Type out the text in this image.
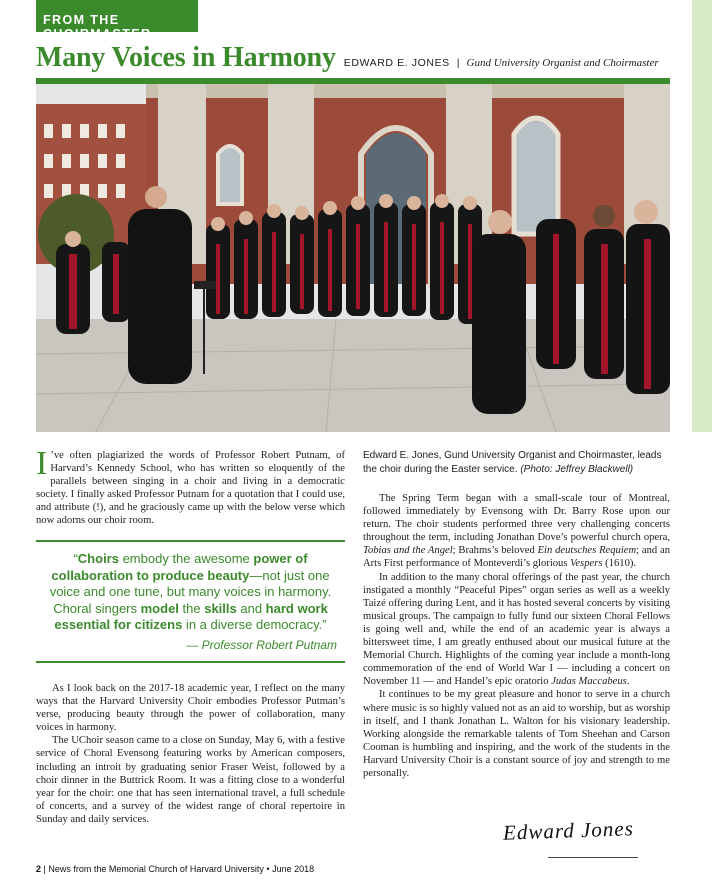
FROM THE CHOIRMASTER
Many Voices in Harmony EDWARD E. JONES | Gund University Organist and Choirmaster

I ’ve often plagiarized the words of Professor Robert Putnam, of Harvard’s Kennedy School, who has written so eloquently of the parallels between singing in a choir and living in a democratic society. I finally asked Professor Putnam for a quotation that I could use, and attribute (!), and he graciously came up with the below verse which now adorns our choir room.

“Choirs embody the awesome power of collaboration to produce beauty—not just one voice and one tune, but many voices in harmony.
Choral singers model the skills and hard work essential for citizens in a diverse democracy.”
— Professor Robert Putnam

As I look back on the 2017-18 academic year, I reflect on the many ways that the Harvard University Choir embodies Professor Putman’s verse, producing beauty through the power of collaboration, many voices in harmony.

The UChoir season came to a close on Sunday, May 6, with a festive service of Choral Evensong featuring works by American composers, including an introit by graduating senior Fraser Weist, followed by a choir dinner in the Buttrick Room. It was a fitting close to a wonderful year for the choir: one that has seen international travel, a full schedule of concerts, and a survey of the widest range of choral repertoire in Sunday and daily services.

Edward E. Jones, Gund University Organist and Choirmaster, leads the choir during the Easter service. (Photo: Jeffrey Blackwell)

The Spring Term began with a small-scale tour of Montreal, followed immediately by Evensong with Dr. Barry Rose upon our return. The choir students performed three very challenging concerts throughout the term, including Jonathan Dove’s powerful church opera, Tobias and the Angel; Brahms’s beloved Ein deutsches Requiem; and an Arts First performance of Monteverdi’s glorious Vespers (1610).

In addition to the many choral offerings of the past year, the church instigated a monthly “Peaceful Pipes” organ series as well as a weekly Taizé offering during Lent, and it has hosted several concerts by visiting musical groups. The campaign to fully fund our sixteen Choral Fellows is going well and, while the end of an academic year is always a bittersweet time, I am greatly enthused about our musical future at the Memorial Church. Highlights of the coming year include a month-long commemoration of the end of World War I — including a concert on November 11 — and Handel’s epic oratorio Judas Maccabeus.

It continues to be my great pleasure and honor to serve in a church where music is so highly valued not as an aid to worship, but as worship in itself, and I thank Jonathan L. Walton for his visionary leadership. Working alongside the remarkable talents of Tom Sheehan and Carson Cooman is humbling and inspiring, and the work of the students in the Harvard University Choir is a constant source of joy and strength to me personally.

Edward Jones
2 | News from the Memorial Church of Harvard University • June 2018
